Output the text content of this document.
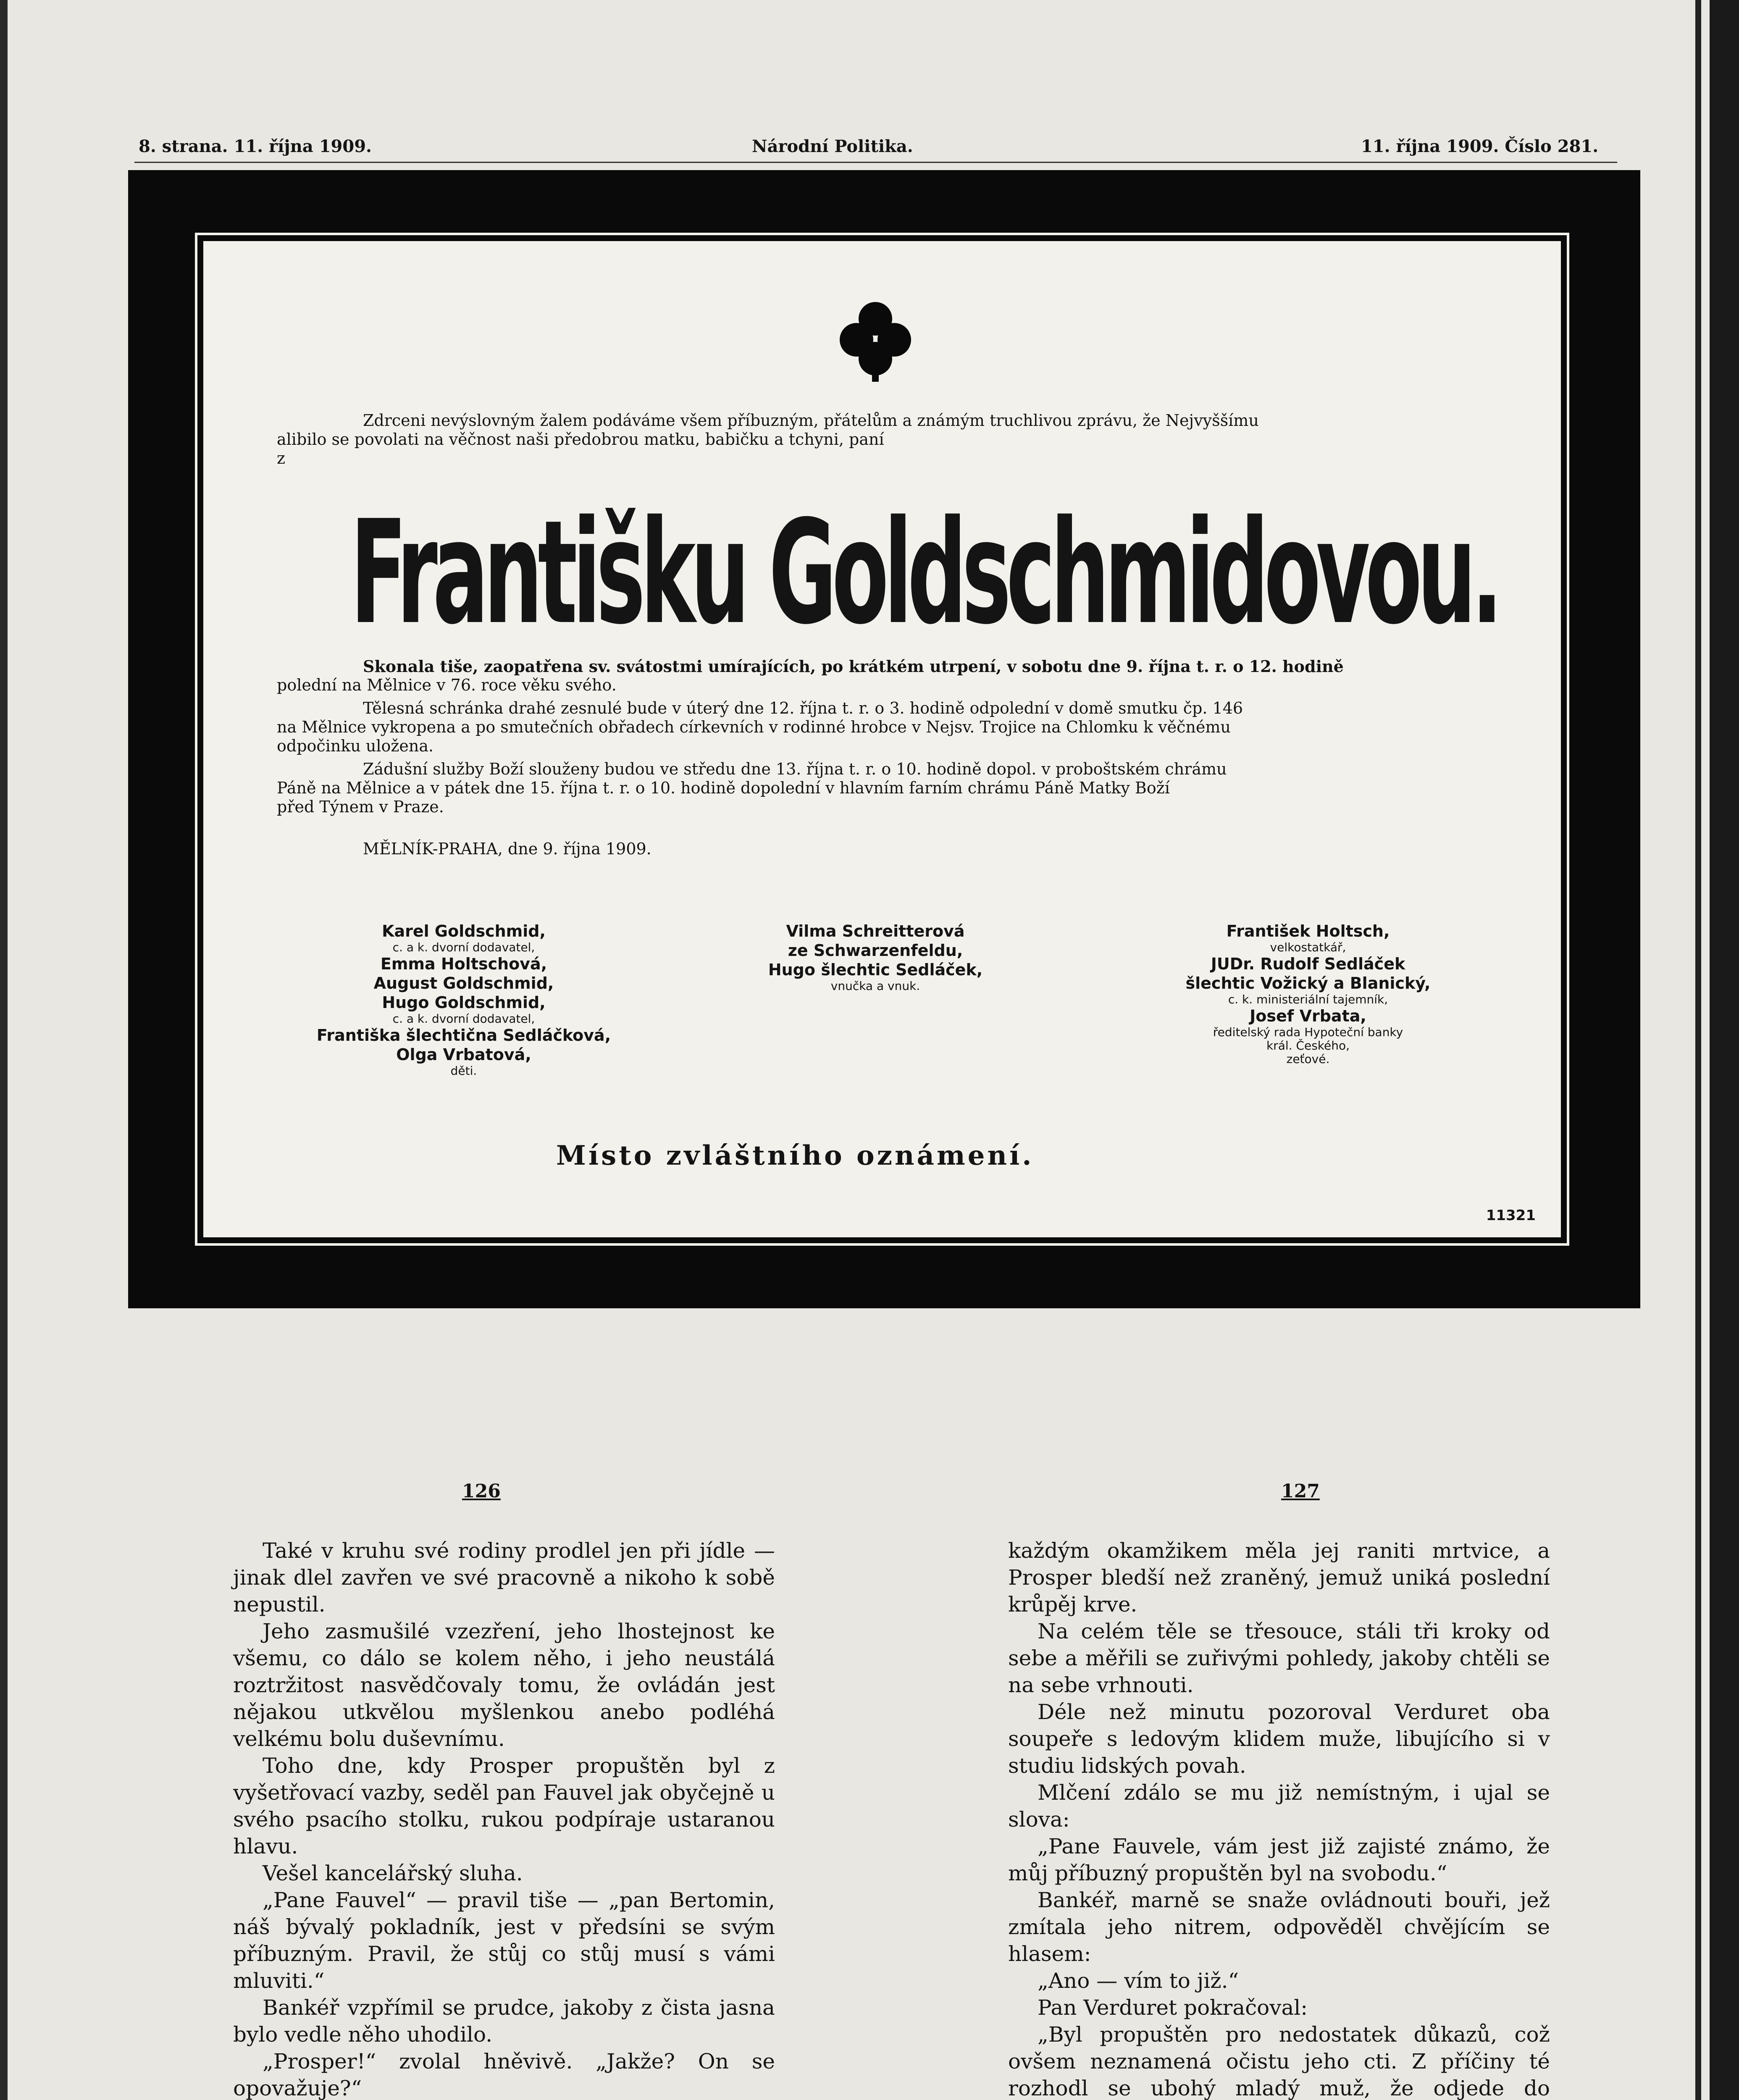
8. strana. 11. října 1909.	Národní Politika.	11. října 1909. Číslo 281.
Zdrceni nevýslovným žalem podáváme všem příbuzným, přátelům a známým truchlivou zprávu, že Nejvyššímu
alibilo se povolati na věčnost naši předobrou matku, babičku a tchyni, paní
z
Františku Goldschmidovou.
Skonala tiše, zaopatřena sv. svátostmi umírajících, po krátkém utrpení, v sobotu dne 9. října t. r. o 12. hodině
polední na Mělnice v 76. roce věku svého.
Tělesná schránka drahé zesnulé bude v úterý dne 12. října t. r. o 3. hodině odpolední v domě smutku čp. 146
na Mělnice vykropena a po smutečních obřadech církevních v rodinné hrobce v Nejsv. Trojice na Chlomku k věčnému
odpočinku uložena.
Zádušní služby Boží slouženy budou ve středu dne 13. října t. r. o 10. hodině dopol. v proboštském chrámu
Páně na Mělnice a v pátek dne 15. října t. r. o 10. hodině dopolední v hlavním farním chrámu Páně Matky Boží
před Týnem v Praze.
MĚLNÍK-PRAHA, dne 9. října 1909.
Karel Goldschmid,
c. a k. dvorní dodavatel,
Emma Holtschová,
August Goldschmid,
Hugo Goldschmid,
c. a k. dvorní dodavatel,
Františka šlechtična Sedláčková,
Olga Vrbatová,
děti.
Vilma Schreitterová
ze Schwarzenfeldu,
Hugo šlechtic Sedláček,
vnučka a vnuk.
František Holtsch,
velkostatkář,
JUDr. Rudolf Sedláček
šlechtic Vožický a Blanický,
c. k. ministeriální tajemník,
Josef Vrbata,
ředitelský rada Hypoteční banky
král. Českého,
zeťové.
Místo zvláštního oznámení.
11321
126	127

Také v kruhu své rodiny prodlel jen při jídle — jinak dlel zavřen ve své pracovně a nikoho k sobě nepustil.

Jeho zasmušilé vzezření, jeho lhostejnost ke všemu, co dálo se kolem něho, i jeho neustálá roztržitost nasvědčovaly tomu, že ovládán jest nějakou utkvělou myšlenkou anebo podléhá velkému bolu duševnímu.

Toho dne, kdy Prosper propuštěn byl z vyšetřovací vazby, seděl pan Fauvel jak obyčejně u svého psacího stolku, rukou podpíraje ustaranou hlavu.

Vešel kancelářský sluha.

„Pane Fauvel“ — pravil tiše — „pan Bertomin, náš bývalý pokladník, jest v předsíni se svým příbuzným. Pravil, že stůj co stůj musí s vámi mluviti.“

Bankéř vzpřímil se prudce, jakoby z čista jasna bylo vedle něho uhodilo.

„Prosper!“ zvolal hněvivě. „Jakže? On se opovažuje?“

každým okamžikem měla jej raniti mrtvice, a Prosper bledší než zraněný, jemuž uniká poslední krůpěj krve.

Na celém těle se třesouce, stáli tři kroky od sebe a měřili se zuřivými pohledy, jakoby chtěli se na sebe vrhnouti.

Déle než minutu pozoroval Verduret oba soupeře s ledovým klidem muže, libujícího si v studiu lidských povah.

Mlčení zdálo se mu již nemístným, i ujal se slova:

„Pane Fauvele, vám jest již zajisté známo, že můj příbuzný propuštěn byl na svobodu.“

Bankéř, marně se snaže ovládnouti bouři, jež zmítala jeho nitrem, odpověděl chvějícím se hlasem:

„Ano — vím to již.“

Pan Verduret pokračoval:

„Byl propuštěn pro nedostatek důkazů, což ovšem neznamená očistu jeho cti. Z příčiny té rozhodl se ubohý mladý muž, že odjede do
